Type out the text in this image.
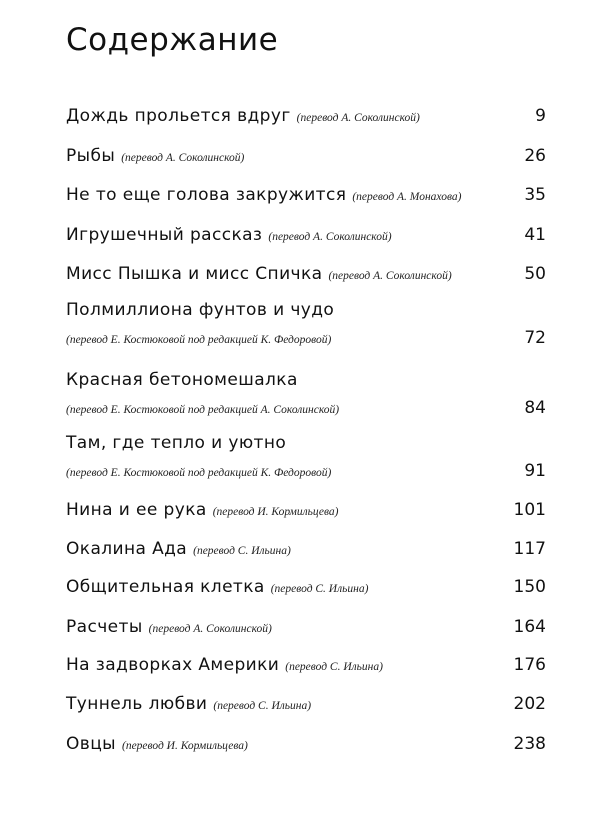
Содержание
Дождь прольется вдруг (перевод А. Соколинской)	9
Рыбы (перевод А. Соколинской)	26
Не то еще голова закружится (перевод А. Монахова)	35
Игрушечный рассказ (перевод А. Соколинской)	41
Мисс Пышка и мисс Спичка (перевод А. Соколинской)	50
Полмиллиона фунтов и чудо
(перевод Е. Костюковой под редакцией К. Федоровой)	72
Красная бетономешалка
(перевод Е. Костюковой под редакцией А. Соколинской)	84
Там, где тепло и уютно
(перевод Е. Костюковой под редакцией К. Федоровой)	91
Нина и ее рука (перевод И. Кормильцева)	101
Окалина Ада (перевод С. Ильина)	117
Общительная клетка (перевод С. Ильина)	150
Расчеты (перевод А. Соколинской)	164
На задворках Америки (перевод С. Ильина)	176
Туннель любви (перевод С. Ильина)	202
Овцы (перевод И. Кормильцева)	238
